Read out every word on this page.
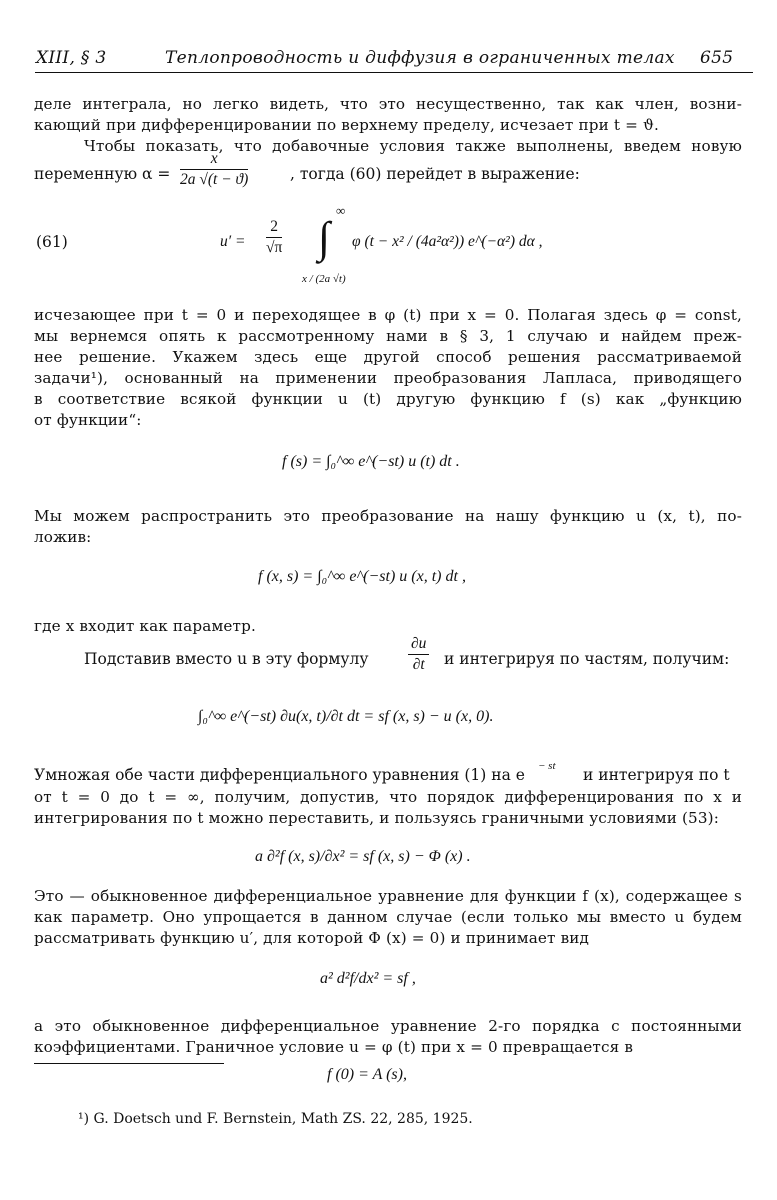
XIII, § 3	Теплопроводность и диффузия в ограниченных телах 655
деле интеграла, но легко видеть, что это несущественно, так как член, возни-
кающий при дифференцировании по верхнему пределу, исчезает при t = ϑ.
Чтобы показать, что добавочные условия также выполнены, введем новую
переменную $\alpha = \frac{x}{2a √(t - ϑ)}$	, тогда (60) перейдет в выражение:
(61)	$u' = \frac{2}{√\pi}$
∞
∫
x / (2a √t)
φ (t − x² / (4a²α²)) e^(−α²) dα ,
исчезающее при t = 0 и переходящее в φ (t) при x = 0. Полагая здесь φ = const,
мы вернемся опять к рассмотренному нами в § 3, 1 случаю и найдем преж-
нее решение. Укажем здесь еще другой способ решения рассматриваемой
задачи¹), основанный на применении преобразования Лапласа, приводящего
в соответствие всякой функции u (t) другую функцию f (s) как „функцию
от функции“:
f (s) = ∫₀^∞ e^(−st) u (t) dt .
Мы можем распространить это преобразование на нашу функцию u (x, t), по-
ложив:
f (x, s) = ∫₀^∞ e^(−st) u (x, t) dt ,
где x входит как параметр.
Подставив вместо u в эту формулу	$\frac{\partial u}{\partial t}$ и интегрируя по частям, получим:
∫₀^∞ e^(−st) ∂u(x, t)/∂t dt = sf (x, s) − u (x, 0).
Умножая обе части дифференциального уравнения (1) на e − st и интегрируя по t
от t = 0 до t = ∞, получим, допустив, что порядок дифференцирования по x и
интегрирования по t можно переставить, и пользуясь граничными условиями (53):
a ∂²f (x, s)/∂x² = sf (x, s) − Φ (x) .
Это — обыкновенное дифференциальное уравнение для функции f (x), содержащее s
как параметр. Оно упрощается в данном случае (если только мы вместо u будем
рассматривать функцию u′, для которой Φ (x) = 0) и принимает вид
a² d²f/dx² = sf ,
а это обыкновенное дифференциальное уравнение 2-го порядка с постоянными
коэффициентами. Граничное условие u = φ (t) при x = 0 превращается в
f (0) = A (s),
¹) G. Doetsch und F. Bernstein, Math ZS. 22, 285, 1925.
